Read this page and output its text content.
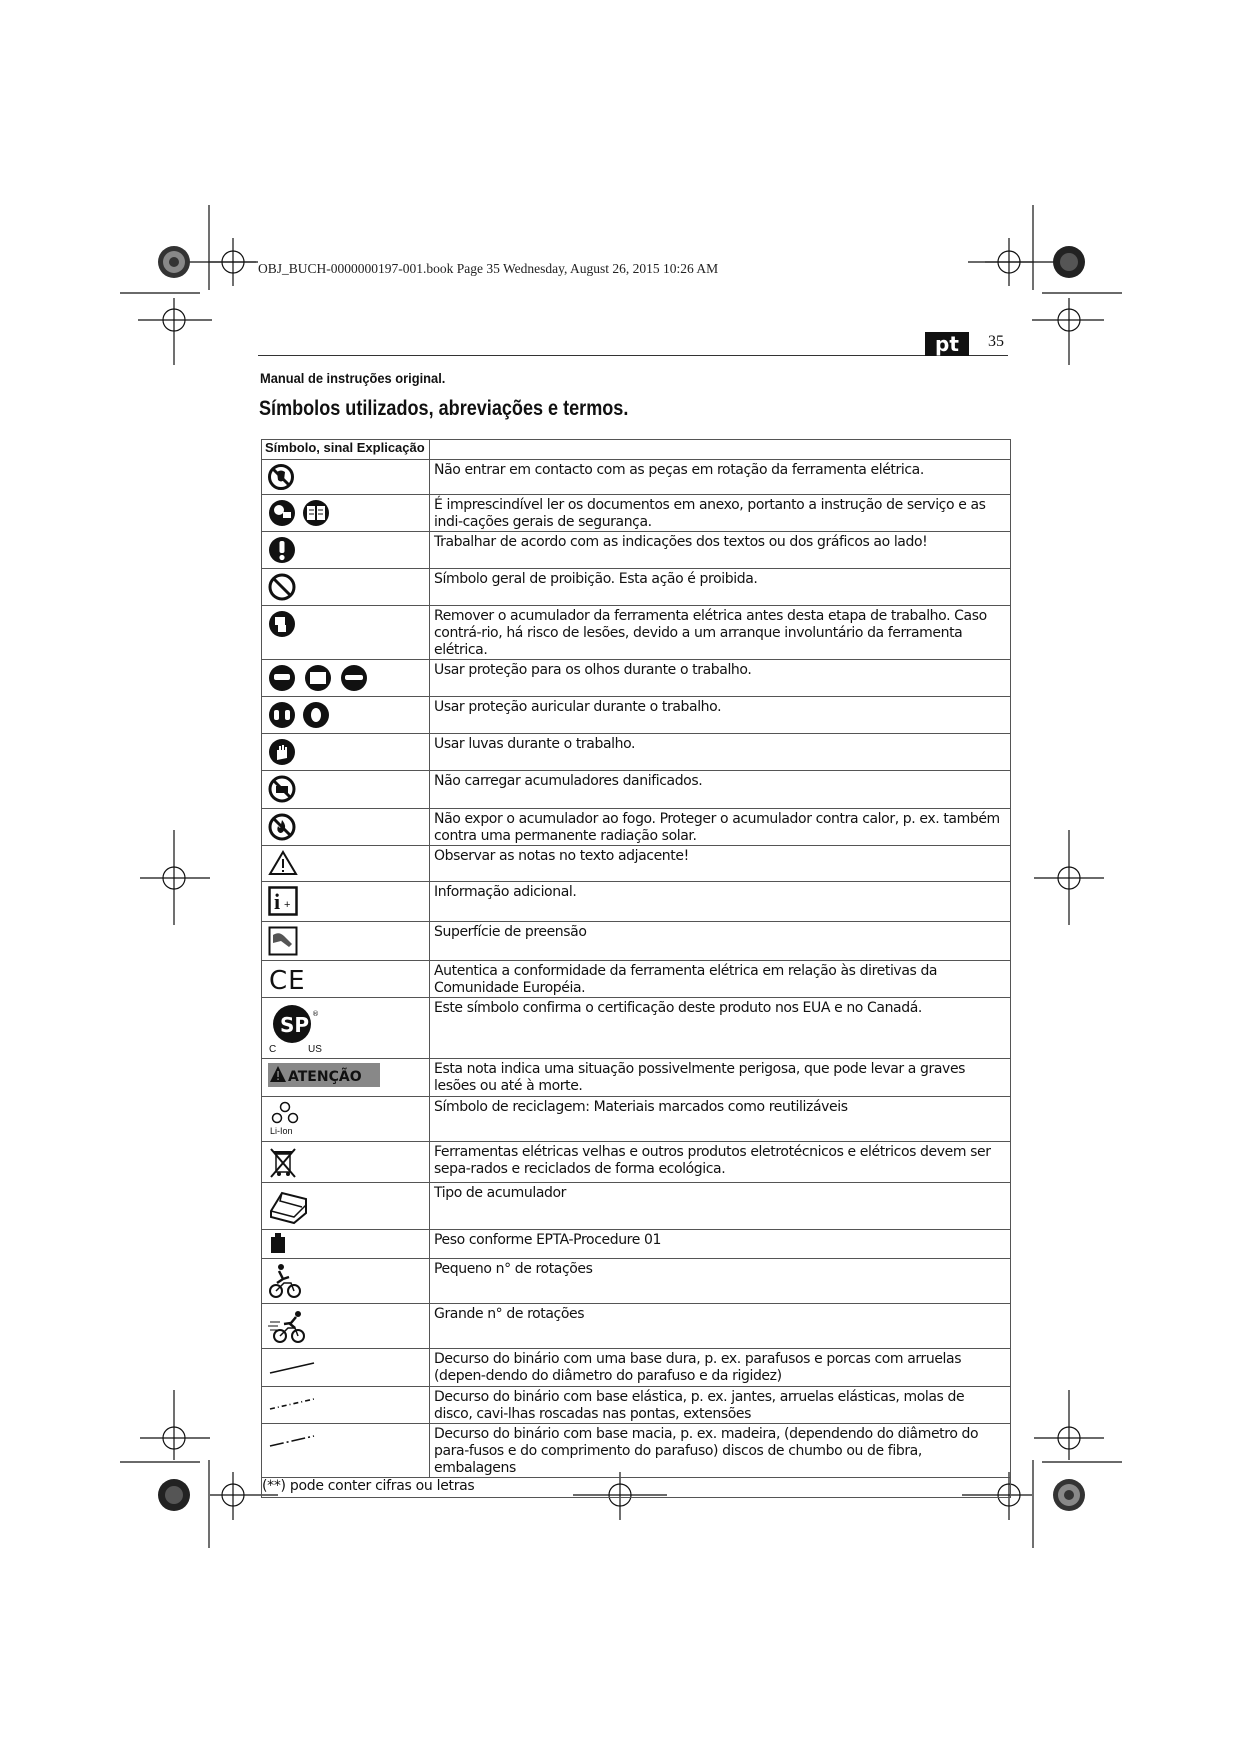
OBJ_BUCH-0000000197-001.book Page 35 Wednesday, August 26, 2015 10:26 AM
pt	35
Manual de instruções original.
Símbolos utilizados, abreviações e termos.
Símbolo, sinal Explicação	

	Não entrar em contacto com as peças em rotação da ferramenta elétrica.

	É imprescindível ler os documentos em anexo, portanto a instrução de serviço e as indi-cações gerais de segurança.

	Trabalhar de acordo com as indicações dos textos ou dos gráficos ao lado!

	Símbolo geral de proibição. Esta ação é proibida.

	Remover o acumulador da ferramenta elétrica antes desta etapa de trabalho. Caso contrá-rio, há risco de lesões, devido a um arranque involuntário da ferramenta elétrica.

	Usar proteção para os olhos durante o trabalho.

	Usar proteção auricular durante o trabalho.

	Usar luvas durante o trabalho.

	Não carregar acumuladores danificados.

	Não expor o acumulador ao fogo. Proteger o acumulador contra calor, p. ex. também contra uma permanente radiação solar.

	Observar as notas no texto adjacente!

i +	Informação adicional.

	Superfície de preensão

CE	Autentica a conformidade da ferramenta elétrica em relação às diretivas da Comunidade Européia.

SP ®
C US	Este símbolo confirma o certificação deste produto nos EUA e no Canadá.

ATENÇÃO	Esta nota indica uma situação possivelmente perigosa, que pode levar a graves lesões ou até à morte.

Li-Ion	Símbolo de reciclagem: Materiais marcados como reutilizáveis

	Ferramentas elétricas velhas e outros produtos eletrotécnicos e elétricos devem ser sepa-rados e reciclados de forma ecológica.

	Tipo de acumulador

	Peso conforme EPTA-Procedure 01

	Pequeno n° de rotações

	Grande n° de rotações

	Decurso do binário com uma base dura, p. ex. parafusos e porcas com arruelas (depen-dendo do diâmetro do parafuso e da rigidez)

	Decurso do binário com base elástica, p. ex. jantes, arruelas elásticas, molas de disco, cavi-lhas roscadas nas pontas, extensões

	Decurso do binário com base macia, p. ex. madeira, (dependendo do diâmetro do para-fusos e do comprimento do parafuso) discos de chumbo ou de fibra, embalagens
(**) pode conter cifras ou letras	
